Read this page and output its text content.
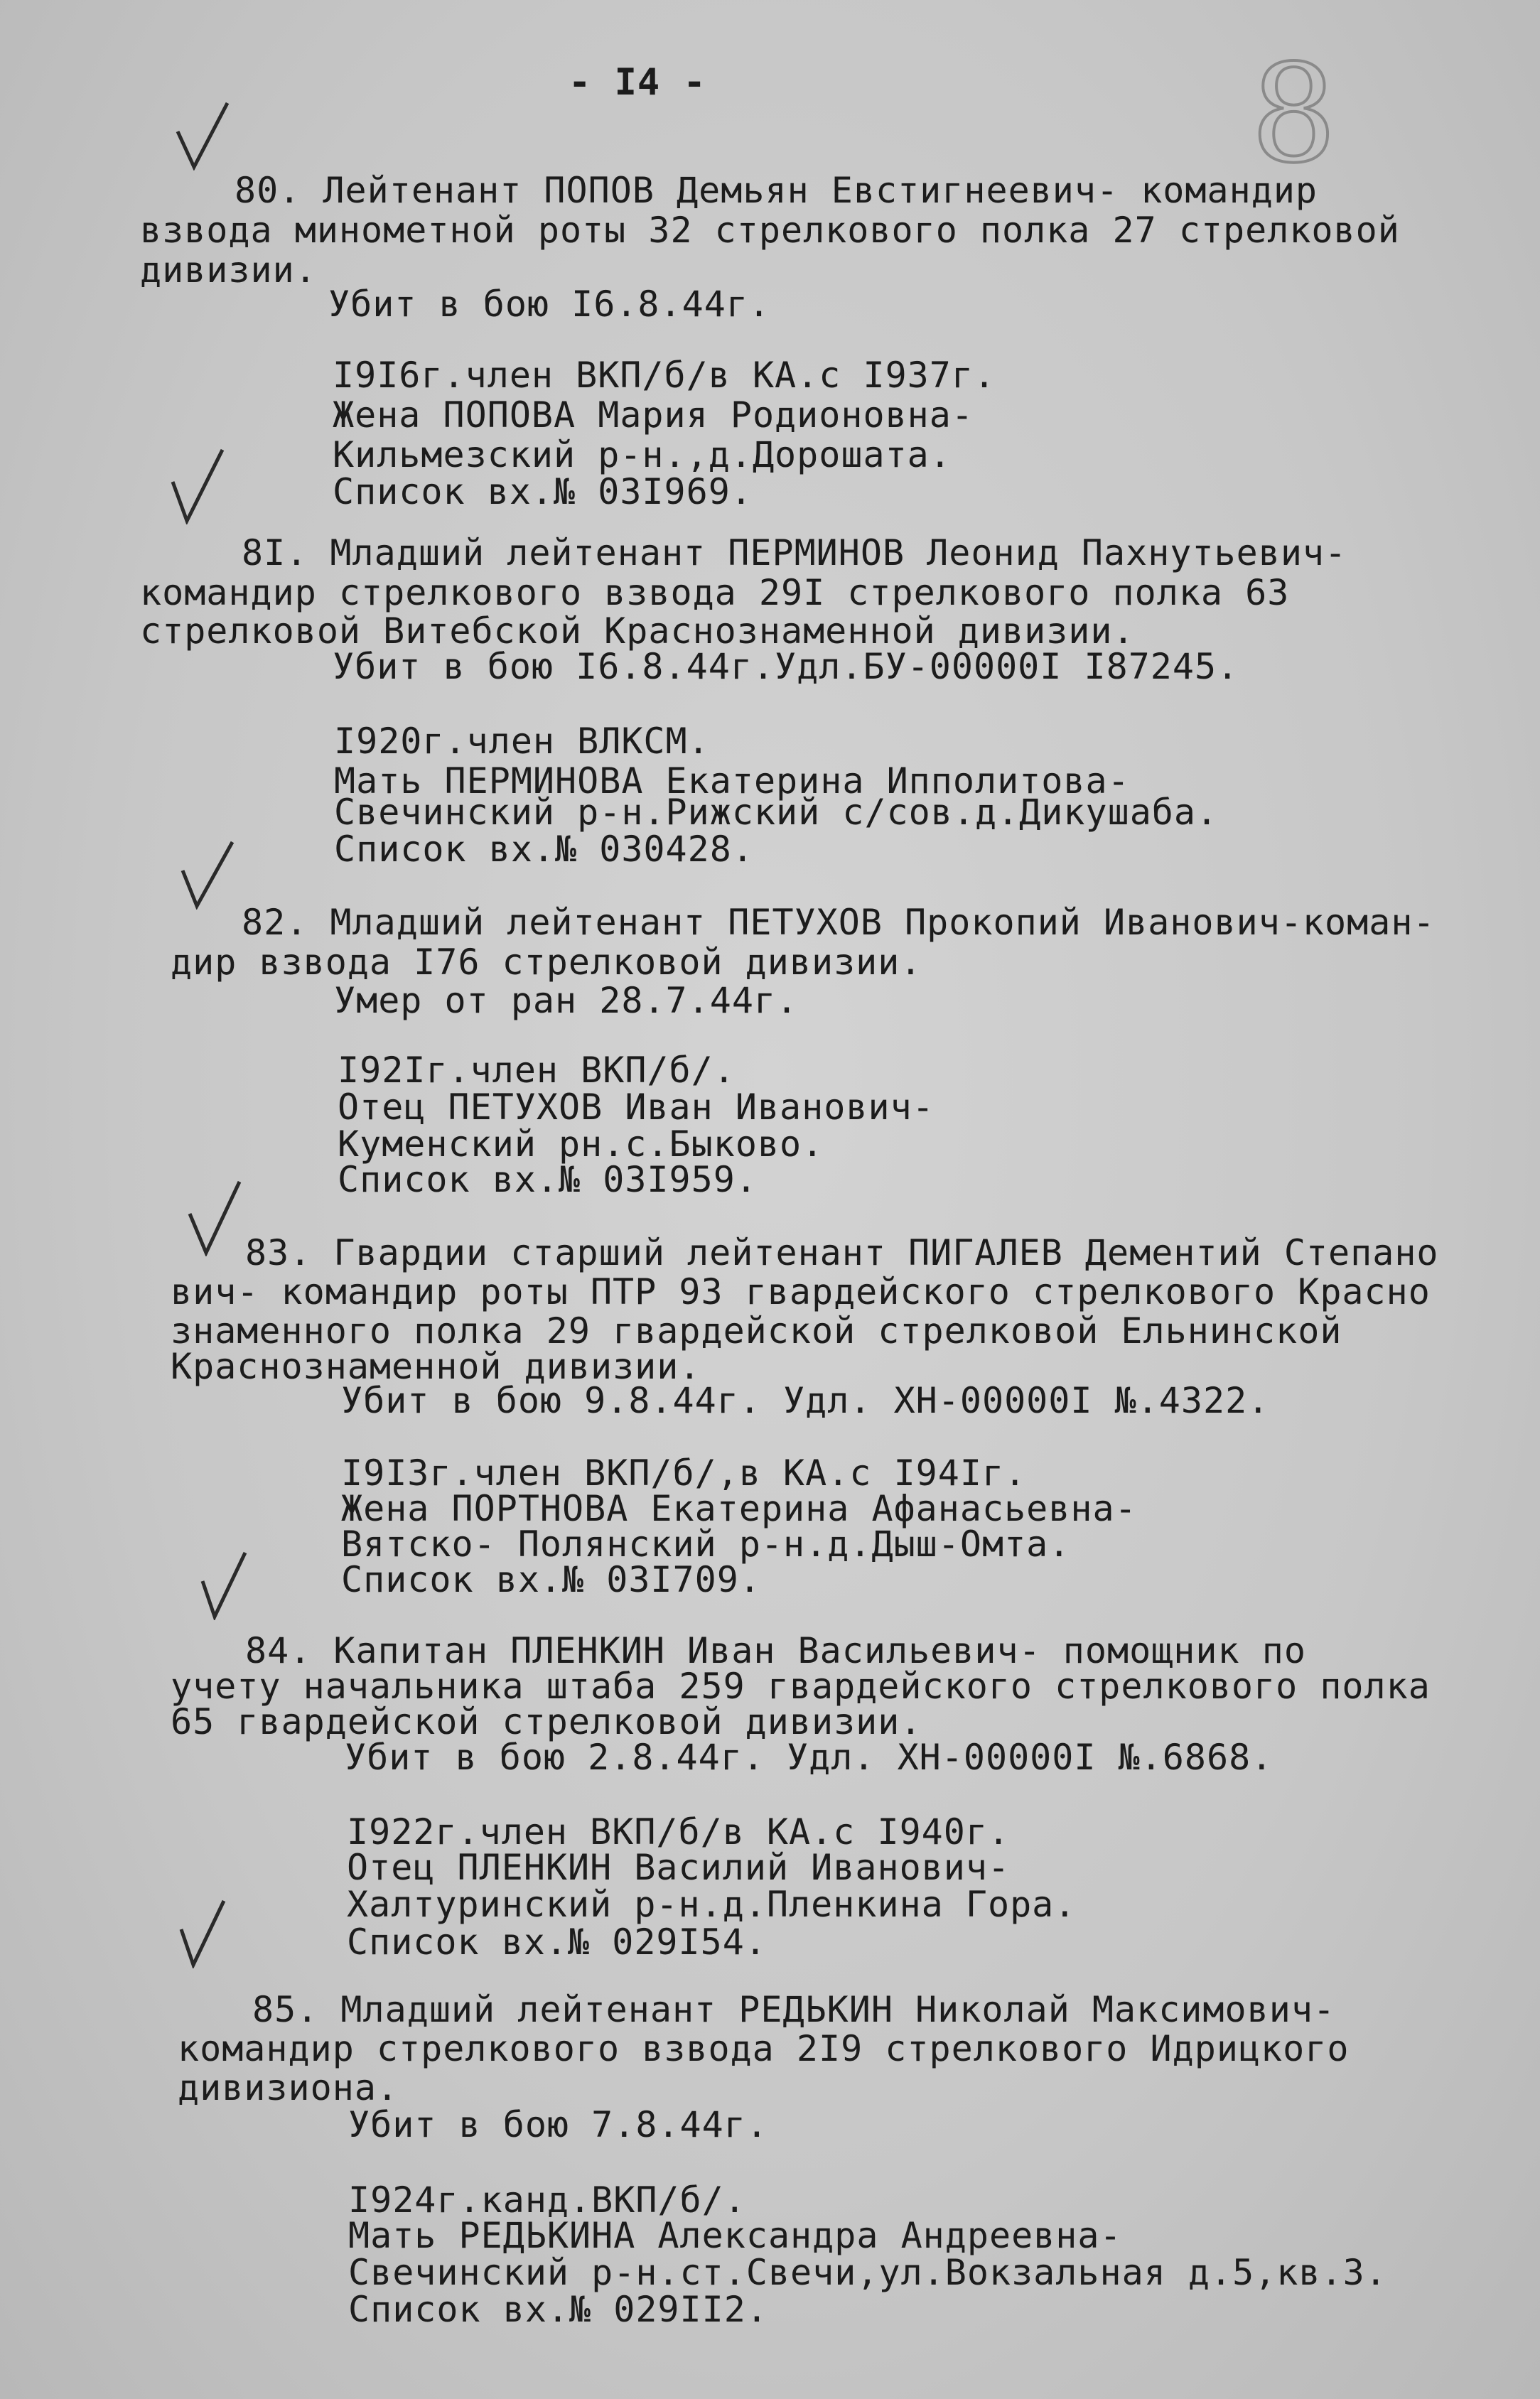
- I4 -	8
80. Лейтенант ПОПОВ Демьян Евстигнеевич- командир
взвода минометной роты 32 стрелкового полка 27 стрелковой
дивизии.
Убит в бою I6.8.44г.
I9I6г.член ВКП/б/в КА.с I937г.
Жена ПОПОВА Мария Родионовна-
Кильмезский р-н.,д.Дорошата.
Список вх.№ 03I969.
8I. Младший лейтенант ПЕРМИНОВ Леонид Пахнутьевич-
командир стрелкового взвода 29I стрелкового полка 63
стрелковой Витебской Краснознаменной дивизии.
Убит в бою I6.8.44г.Удл.БУ-00000I I87245.
I920г.член ВЛКСМ.
Мать ПЕРМИНОВА Екатерина Ипполитова-
Свечинский р-н.Рижский с/сов.д.Дикушаба.
Список вх.№ 030428.
82. Младший лейтенант ПЕТУХОВ Прокопий Иванович-коман-
дир взвода I76 стрелковой дивизии.
Умер от ран 28.7.44г.
I92Iг.член ВКП/б/.
Отец ПЕТУХОВ Иван Иванович-
Куменский рн.с.Быково.
Список вх.№ 03I959.
83. Гвардии старший лейтенант ПИГАЛЕВ Дементий Степано
вич- командир роты ПТР 93 гвардейского стрелкового Красно
знаменного полка 29 гвардейской стрелковой Ельнинской
Краснознаменной дивизии.
Убит в бою 9.8.44г. Удл. ХН-00000I №.4322.
I9I3г.член ВКП/б/,в КА.с I94Iг.
Жена ПОРТНОВА Екатерина Афанасьевна-
Вятско- Полянский р-н.д.Дыш-Омта.
Список вх.№ 03I709.
84. Капитан ПЛЕНКИН Иван Васильевич- помощник по
учету начальника штаба 259 гвардейского стрелкового полка
65 гвардейской стрелковой дивизии.
Убит в бою 2.8.44г. Удл. ХН-00000I №.6868.
I922г.член ВКП/б/в КА.с I940г.
Отец ПЛЕНКИН Василий Иванович-
Халтуринский р-н.д.Пленкина Гора.
Список вх.№ 029I54.
85. Младший лейтенант РЕДЬКИН Николай Максимович-
командир стрелкового взвода 2I9 стрелкового Идрицкого
дивизиона.
Убит в бою 7.8.44г.
I924г.канд.ВКП/б/.
Мать РЕДЬКИНА Александра Андреевна-
Свечинский р-н.ст.Свечи,ул.Вокзальная д.5,кв.3.
Список вх.№ 029II2.
